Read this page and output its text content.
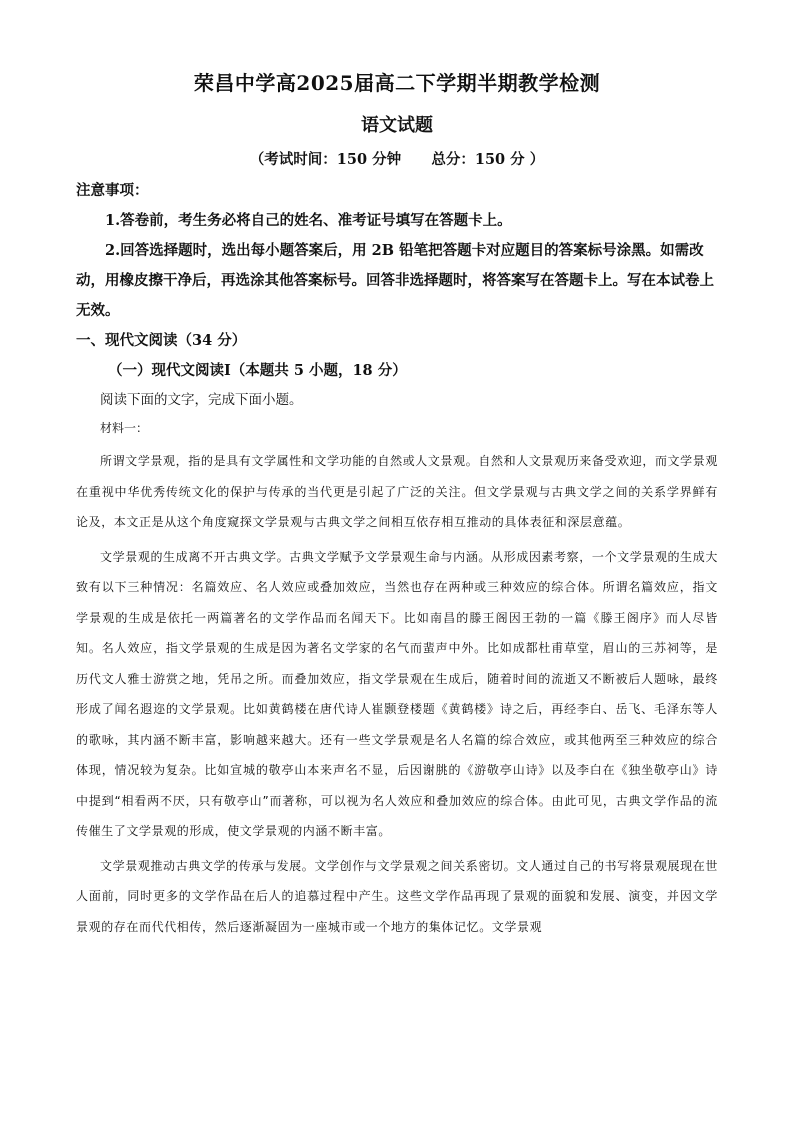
荣昌中学高2025届高二下学期半期教学检测
语文试题
（考试时间：150 分钟      总分：150 分 ）
注意事项：
1.答卷前，考生务必将自己的姓名、准考证号填写在答题卡上。
2.回答选择题时，选出每小题答案后，用 2B 铅笔把答题卡对应题目的答案标号涂黑。如需改动，用橡皮擦干净后，再选涂其他答案标号。回答非选择题时，将答案写在答题卡上。写在本试卷上无效。
一、现代文阅读（34 分）
（一）现代文阅读Ⅰ（本题共 5 小题，18 分）
阅读下面的文字，完成下面小题。
材料一：

所谓文学景观，指的是具有文学属性和文学功能的自然或人文景观。自然和人文景观历来备受欢迎，而文学景观在重视中华优秀传统文化的保护与传承的当代更是引起了广泛的关注。但文学景观与古典文学之间的关系学界鲜有论及，本文正是从这个角度窥探文学景观与古典文学之间相互依存相互推动的具体表征和深层意蕴。

文学景观的生成离不开古典文学。古典文学赋予文学景观生命与内涵。从形成因素考察，一个文学景观的生成大致有以下三种情况：名篇效应、名人效应或叠加效应，当然也存在两种或三种效应的综合体。所谓名篇效应，指文学景观的生成是依托一两篇著名的文学作品而名闻天下。比如南昌的滕王阁因王勃的一篇《滕王阁序》而人尽皆知。名人效应，指文学景观的生成是因为著名文学家的名气而蜚声中外。比如成都杜甫草堂，眉山的三苏祠等，是历代文人雅士游赏之地，凭吊之所。而叠加效应，指文学景观在生成后，随着时间的流逝又不断被后人题咏，最终形成了闻名遐迩的文学景观。比如黄鹤楼在唐代诗人崔颢登楼题《黄鹤楼》诗之后，再经李白、岳飞、毛泽东等人的歌咏，其内涵不断丰富，影响越来越大。还有一些文学景观是名人名篇的综合效应，或其他两至三种效应的综合体现，情况较为复杂。比如宣城的敬亭山本来声名不显，后因谢朓的《游敬亭山诗》以及李白在《独坐敬亭山》诗中提到“相看两不厌，只有敬亭山”而著称，可以视为名人效应和叠加效应的综合体。由此可见，古典文学作品的流传催生了文学景观的形成，使文学景观的内涵不断丰富。

文学景观推动古典文学的传承与发展。文学创作与文学景观之间关系密切。文人通过自己的书写将景观展现在世人面前，同时更多的文学作品在后人的追慕过程中产生。这些文学作品再现了景观的面貌和发展、演变，并因文学景观的存在而代代相传，然后逐渐凝固为一座城市或一个地方的集体记忆。文学景观
